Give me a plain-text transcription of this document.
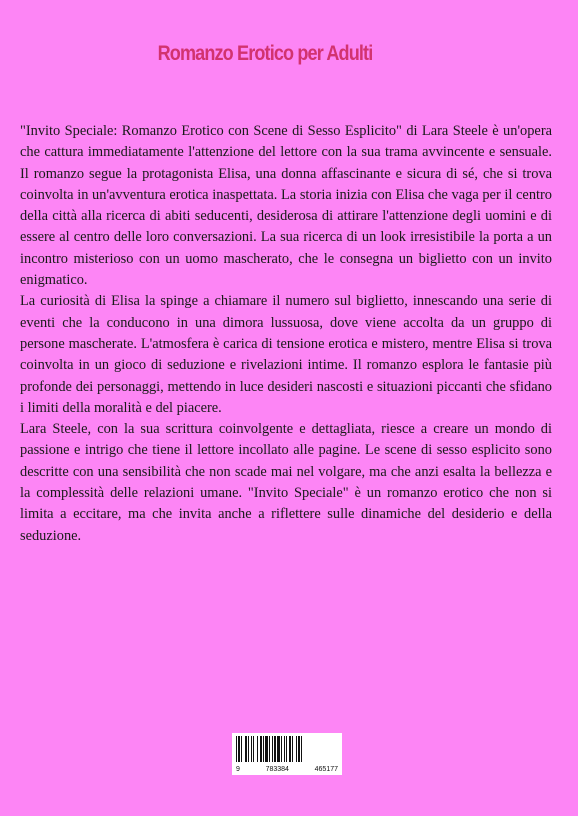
Romanzo Erotico per Adulti

"Invito Speciale: Romanzo Erotico con Scene di Sesso Esplicito" di Lara Steele è un'opera che cattura immediatamente l'attenzione del lettore con la sua trama avvincente e sensuale. Il romanzo segue la protagonista Elisa, una donna affascinante e sicura di sé, che si trova coinvolta in un'avventura erotica inaspettata. La storia inizia con Elisa che vaga per il centro della città alla ricerca di abiti seducenti, desiderosa di attirare l'attenzione degli uomini e di essere al centro delle loro conversazioni. La sua ricerca di un look irresistibile la porta a un incontro misterioso con un uomo mascherato, che le consegna un biglietto con un invito enigmatico.

La curiosità di Elisa la spinge a chiamare il numero sul biglietto, innescando una serie di eventi che la conducono in una dimora lussuosa, dove viene accolta da un gruppo di persone mascherate. L'atmosfera è carica di tensione erotica e mistero, mentre Elisa si trova coinvolta in un gioco di seduzione e rivelazioni intime. Il romanzo esplora le fantasie più profonde dei personaggi, mettendo in luce desideri nascosti e situazioni piccanti che sfidano i limiti della moralità e del piacere.

Lara Steele, con la sua scrittura coinvolgente e dettagliata, riesce a creare un mondo di passione e intrigo che tiene il lettore incollato alle pagine. Le scene di sesso esplicito sono descritte con una sensibilità che non scade mai nel volgare, ma che anzi esalta la bellezza e la complessità delle relazioni umane. "Invito Speciale" è un romanzo erotico che non si limita a eccitare, ma che invita anche a riflettere sulle dinamiche del desiderio e della seduzione.

9	783384	465177
